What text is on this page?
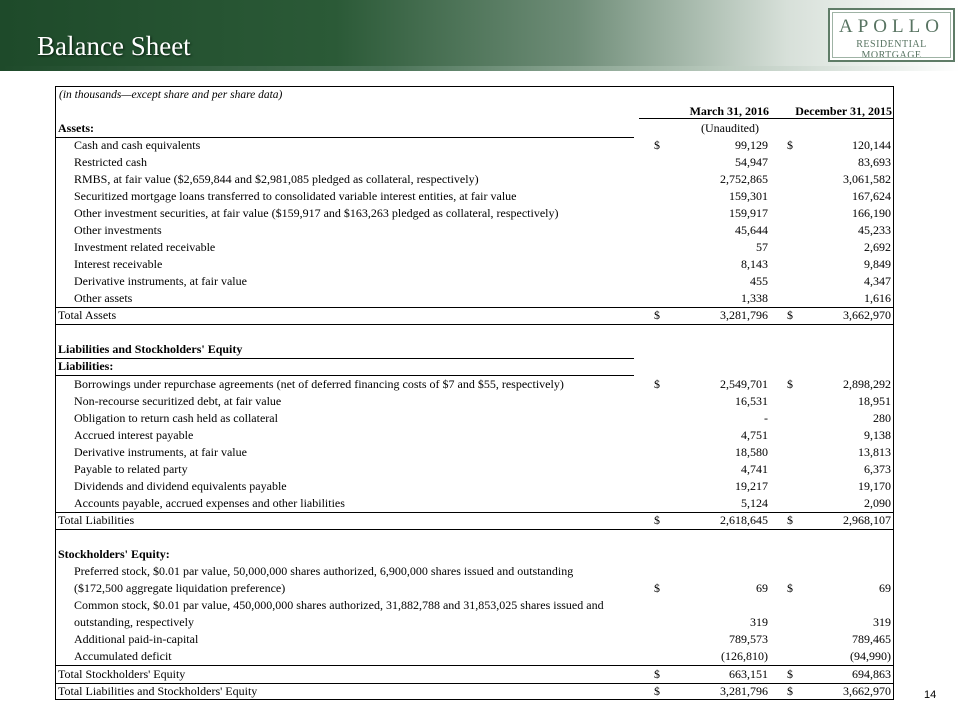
Balance Sheet
APOLLO
RESIDENTIAL MORTGAGE
(in thousands—except share and per share data)
March 31, 2016	December 31, 2015
Assets:	(Unaudited)
Cash and cash equivalents	$	99,129 $	120,144
Restricted cash	54,947	83,693
RMBS, at fair value ($2,659,844 and $2,981,085 pledged as collateral, respectively)	2,752,865	3,061,582
Securitized mortgage loans transferred to consolidated variable interest entities, at fair value	159,301	167,624
Other investment securities, at fair value ($159,917 and $163,263 pledged as collateral, respectively)	159,917	166,190
Other investments	45,644	45,233
Investment related receivable	57	2,692
Interest receivable	8,143	9,849
Derivative instruments, at fair value	455	4,347
Other assets	1,338	1,616
Total Assets	$	3,281,796 $	3,662,970
Liabilities and Stockholders' Equity
Liabilities:
Borrowings under repurchase agreements (net of deferred financing costs of $7 and $55, respectively)	$	2,549,701 $	2,898,292
Non-recourse securitized debt, at fair value	16,531	18,951
Obligation to return cash held as collateral	-	280
Accrued interest payable	4,751	9,138
Derivative instruments, at fair value	18,580	13,813
Payable to related party	4,741	6,373
Dividends and dividend equivalents payable	19,217	19,170
Accounts payable, accrued expenses and other liabilities	5,124	2,090
Total Liabilities	$	2,618,645 $	2,968,107
Stockholders' Equity:
Preferred stock, $0.01 par value, 50,000,000 shares authorized, 6,900,000 shares issued and outstanding
($172,500 aggregate liquidation preference)	$	69 $	69
Common stock, $0.01 par value, 450,000,000 shares authorized, 31,882,788 and 31,853,025 shares issued and
outstanding, respectively	319	319
Additional paid-in-capital	789,573	789,465
Accumulated deficit	(126,810)	(94,990)
Total Stockholders' Equity	$	663,151 $	694,863
Total Liabilities and Stockholders' Equity	$	3,281,796 $	3,662,970	14
